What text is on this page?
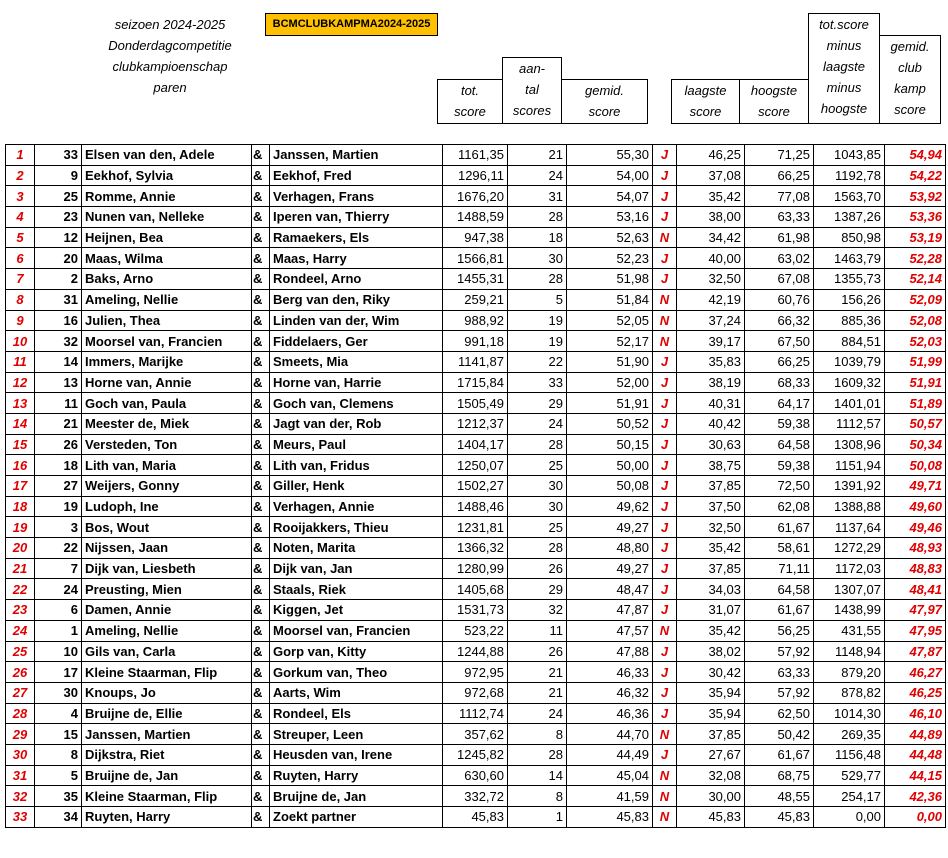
seizoen 2024-2025
Donderdagcompetitie
clubkampioenschap
paren
BCMCLUBKAMPMA2024-2025
tot.
score
aan-
tal
scores
gemid.
score
laagste
score
hoogste
score
tot.score
minus
laagste
minus
hoogste
gemid.
club
kamp
score
1	33	Elsen van den, Adele	&	Janssen, Martien	1161,35	21	55,30	J	46,25	71,25	1043,85	54,94
2	9	Eekhof, Sylvia	&	Eekhof, Fred	1296,11	24	54,00	J	37,08	66,25	1192,78	54,22
3	25	Romme, Annie	&	Verhagen, Frans	1676,20	31	54,07	J	35,42	77,08	1563,70	53,92
4	23	Nunen van, Nelleke	&	Iperen van, Thierry	1488,59	28	53,16	J	38,00	63,33	1387,26	53,36
5	12	Heijnen, Bea	&	Ramaekers, Els	947,38	18	52,63	N	34,42	61,98	850,98	53,19
6	20	Maas, Wilma	&	Maas, Harry	1566,81	30	52,23	J	40,00	63,02	1463,79	52,28
7	2	Baks, Arno	&	Rondeel, Arno	1455,31	28	51,98	J	32,50	67,08	1355,73	52,14
8	31	Ameling, Nellie	&	Berg van den, Riky	259,21	5	51,84	N	42,19	60,76	156,26	52,09
9	16	Julien, Thea	&	Linden van der, Wim	988,92	19	52,05	N	37,24	66,32	885,36	52,08
10	32	Moorsel van, Francien	&	Fiddelaers, Ger	991,18	19	52,17	N	39,17	67,50	884,51	52,03
11	14	Immers, Marijke	&	Smeets, Mia	1141,87	22	51,90	J	35,83	66,25	1039,79	51,99
12	13	Horne van, Annie	&	Horne van, Harrie	1715,84	33	52,00	J	38,19	68,33	1609,32	51,91
13	11	Goch van, Paula	&	Goch van, Clemens	1505,49	29	51,91	J	40,31	64,17	1401,01	51,89
14	21	Meester de, Miek	&	Jagt van der, Rob	1212,37	24	50,52	J	40,42	59,38	1112,57	50,57
15	26	Versteden, Ton	&	Meurs, Paul	1404,17	28	50,15	J	30,63	64,58	1308,96	50,34
16	18	Lith van, Maria	&	Lith van, Fridus	1250,07	25	50,00	J	38,75	59,38	1151,94	50,08
17	27	Weijers, Gonny	&	Giller, Henk	1502,27	30	50,08	J	37,85	72,50	1391,92	49,71
18	19	Ludoph, Ine	&	Verhagen, Annie	1488,46	30	49,62	J	37,50	62,08	1388,88	49,60
19	3	Bos, Wout	&	Rooijakkers, Thieu	1231,81	25	49,27	J	32,50	61,67	1137,64	49,46
20	22	Nijssen, Jaan	&	Noten, Marita	1366,32	28	48,80	J	35,42	58,61	1272,29	48,93
21	7	Dijk van, Liesbeth	&	Dijk van, Jan	1280,99	26	49,27	J	37,85	71,11	1172,03	48,83
22	24	Preusting, Mien	&	Staals, Riek	1405,68	29	48,47	J	34,03	64,58	1307,07	48,41
23	6	Damen, Annie	&	Kiggen, Jet	1531,73	32	47,87	J	31,07	61,67	1438,99	47,97
24	1	Ameling, Nellie	&	Moorsel van, Francien	523,22	11	47,57	N	35,42	56,25	431,55	47,95
25	10	Gils van, Carla	&	Gorp van, Kitty	1244,88	26	47,88	J	38,02	57,92	1148,94	47,87
26	17	Kleine Staarman, Flip	&	Gorkum van, Theo	972,95	21	46,33	J	30,42	63,33	879,20	46,27
27	30	Knoups, Jo	&	Aarts, Wim	972,68	21	46,32	J	35,94	57,92	878,82	46,25
28	4	Bruijne de, Ellie	&	Rondeel, Els	1112,74	24	46,36	J	35,94	62,50	1014,30	46,10
29	15	Janssen, Martien	&	Streuper, Leen	357,62	8	44,70	N	37,85	50,42	269,35	44,89
30	8	Dijkstra, Riet	&	Heusden van, Irene	1245,82	28	44,49	J	27,67	61,67	1156,48	44,48
31	5	Bruijne de, Jan	&	Ruyten, Harry	630,60	14	45,04	N	32,08	68,75	529,77	44,15
32	35	Kleine Staarman, Flip	&	Bruijne de, Jan	332,72	8	41,59	N	30,00	48,55	254,17	42,36
33	34	Ruyten, Harry	&	Zoekt partner	45,83	1	45,83	N	45,83	45,83	0,00	0,00
